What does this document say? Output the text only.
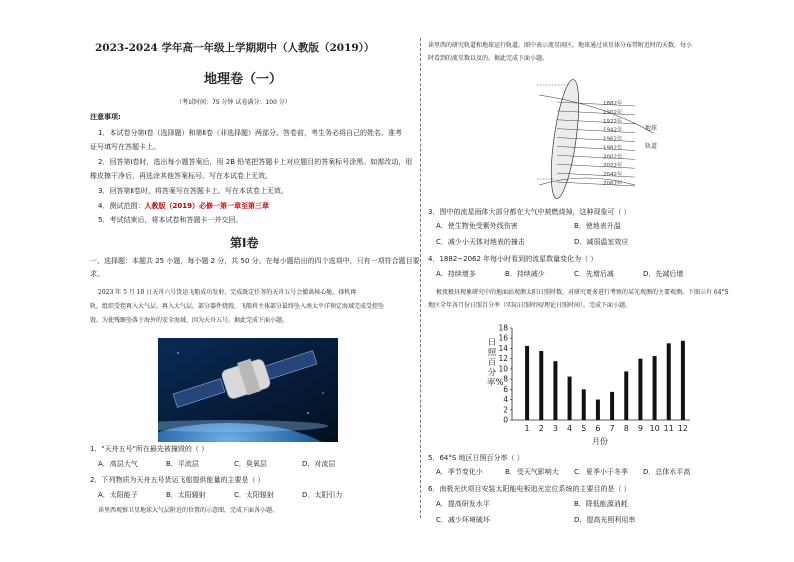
2023-2024 学年高一年级上学期期中（人教版（2019））
地理卷（一）
（考试时间：75 分钟 试卷满分：100 分）
注意事项:
1．本试卷分第Ⅰ卷（选择题）和第Ⅱ卷（非选择题）两部分。答卷前，考生务必将自己的姓名、准考
证号填写在答题卡上。
2．回答第Ⅰ卷时，选出每小题答案后，用 2B 铅笔把答题卡上对应题目的答案标号涂黑。如需改动，用
橡皮擦干净后，再选涂其他答案标号。写在本试卷上无效。
3．回答第Ⅱ卷时，将答案写在答题卡上。写在本试卷上无效。
4．测试范围：人教版（2019）必修一第一章至第三章
5．考试结束后，将本试卷和答题卡一并交回。
第Ⅰ卷
一、选择题：本题共 25 小题，每小题 2 分，共 50 分。在每小题给出的四个选项中，只有一项符合题目要
求。
2023 年 5 月 10 日天舟六号货运飞船成功发射，完成既定任务的天舟五号会撤离核心舱，择机再
轨，组织受控再入大气层，再入大气层，部分器件烧毁，飞船将主体部分最终坠入南太平洋预定海域完成受控坠
毁。为使残骸坠落于海外的安全海域，因为天舟五号。据此完成下面小题。
1．"天舟五号"所在最先被撞毁的（ ）
A．高层大气	B．平流层	C．臭氧层	D．对流层
2．下列物质为天舟五号货运飞船提供能量的主要是（ ）
A．太阳能子	B．太阳辐射	C．太阳辐射	D．太阳引力
读里西观察卫星地球大气层附近的位置的示意图，完成下面各小题。
读里西的研究轨道和地球运行轨道，图中表示流星雨区，地球通过该星体分布带附近时的天数，每小
时看到的流星数以及的。据此完成下面小题。
1882年
1902年
1922年
1942年
1962年
1982年
2002年
2022年
2042年
2062年
地球
轨道
3．图中的流星雨体大部分都在大气中被燃烧掉，这种现象可（ ）
A．使生物免受紫外线伤害	B．使地表升温
C．减少小天体对地表的撞击	D．减弱温室效应
4．1882~2062 年每小时看到的流星数量变化为（ ）
A．持续增多	B．持续减少	C．先增后减	D．先减后增
极夜极昼现象研究中的地面站观测太阳日照时数，对研究更多进行考察的某光观测的主要观测。下图示有 64°S
地区全年各月份日照百分率（实际日照时间/理论日照时间）。完成下面小题。
0
2
4
6
8
10
12
14
16
18
1 2 3 4 5 6 7 8 9 10 11 12
月份
日照百分率%
5．64°S 地区日照百分率（ ）
A．季节变化小	B．受天气影响大 C．夏季小于冬季 D．总体水平高
6．南极光伏项目安装太阳能电板追光定位系统的主要目的是（ ）
A．提高研发水平	B．降低能源消耗
C．减少环境破坏	D．提高光照利用率
